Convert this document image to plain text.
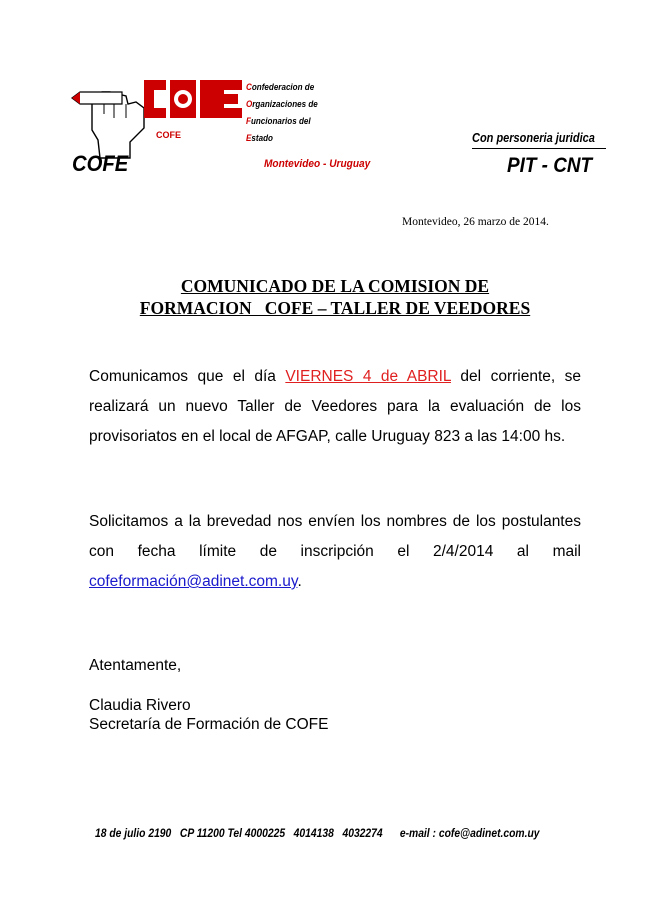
COFE
Confederacion de
Organizaciones de
Funcionarios del
Estado
COFE	Montevideo - Uruguay
Con personeria juridica
PIT - CNT
Montevideo, 26 marzo de 2014.
COMUNICADO DE LA COMISION DE
FORMACION   COFE – TALLER DE VEEDORES

Comunicamos que el día VIERNES 4 de ABRIL del corriente, se realizará un nuevo Taller de Veedores para la evaluación de los provisoriatos en el local de AFGAP, calle Uruguay 823 a las 14:00 hs.

Solicitamos a la brevedad nos envíen los nombres de los postulantes con fecha límite de inscripción el 2/4/2014 al mail cofeformación@adinet.com.uy.

Atentamente,
Claudia Rivero
Secretaría de Formación de COFE
18 de julio 2190   CP 11200 Tel 4000225   4014138   4032274      e-mail : cofe@adinet.com.uy
